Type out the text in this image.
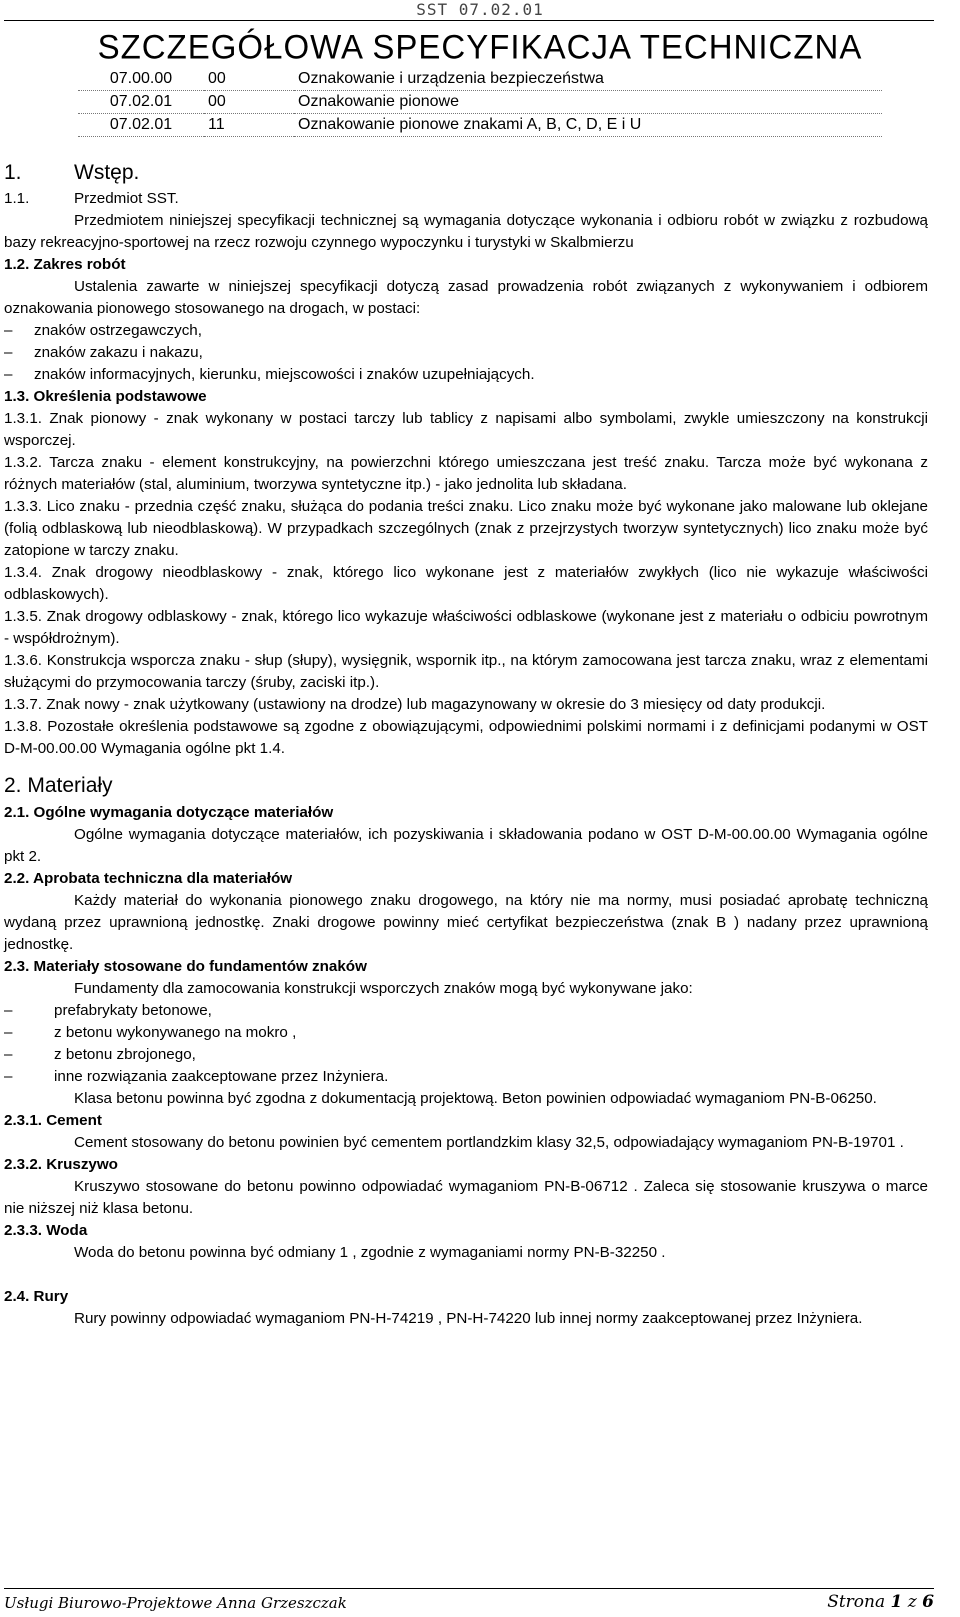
SST 07.02.01
SZCZEGÓŁOWA SPECYFIKACJA TECHNICZNA
07.00.00	00	Oznakowanie i urządzenia bezpieczeństwa
07.02.01	00	Oznakowanie pionowe
07.02.01	11	Oznakowanie pionowe znakami A, B, C, D, E i U

1. Wstęp.

1.1.	Przedmiot SST.

Przedmiotem niniejszej specyfikacji technicznej są wymagania dotyczące wykonania i odbioru robót w związku z rozbudową bazy rekreacyjno-sportowej na rzecz rozwoju czynnego wypoczynku i turystyki w Skalbmierzu

1.2. Zakres robót

Ustalenia zawarte w niniejszej specyfikacji dotyczą zasad prowadzenia robót związanych z wykonywaniem i odbiorem oznakowania pionowego stosowanego na drogach, w postaci:

– znaków ostrzegawczych,
– znaków zakazu i nakazu,
– znaków informacyjnych, kierunku, miejscowości i znaków uzupełniających.

1.3. Określenia podstawowe

1.3.1. Znak pionowy - znak wykonany w postaci tarczy lub tablicy z napisami albo symbolami, zwykle umieszczony na konstrukcji wsporczej.

1.3.2. Tarcza znaku - element konstrukcyjny, na powierzchni którego umieszczana jest treść znaku. Tarcza może być wykonana z różnych materiałów (stal, aluminium, tworzywa syntetyczne itp.) - jako jednolita lub składana.

1.3.3. Lico znaku - przednia część znaku, służąca do podania treści znaku. Lico znaku może być wykonane jako malowane lub oklejane (folią odblaskową lub nieodblaskową). W przypadkach szczególnych (znak z przejrzystych tworzyw syntetycznych) lico znaku może być zatopione w tarczy znaku.

1.3.4. Znak drogowy nieodblaskowy - znak, którego lico wykonane jest z materiałów zwykłych (lico nie wykazuje właściwości odblaskowych).

1.3.5. Znak drogowy odblaskowy - znak, którego lico wykazuje właściwości odblaskowe (wykonane jest z materiału o odbiciu powrotnym - współdrożnym).

1.3.6. Konstrukcja wsporcza znaku - słup (słupy), wysięgnik, wspornik itp., na którym zamocowana jest tarcza znaku, wraz z elementami służącymi do przymocowania tarczy (śruby, zaciski itp.).

1.3.7. Znak nowy - znak użytkowany (ustawiony na drodze) lub magazynowany w okresie do 3 miesięcy od daty produkcji.

1.3.8. Pozostałe określenia podstawowe są zgodne z obowiązującymi, odpowiednimi polskimi normami i z definicjami podanymi w OST D-M-00.00.00 Wymagania ogólne pkt 1.4.

2. Materiały

2.1. Ogólne wymagania dotyczące materiałów

Ogólne wymagania dotyczące materiałów, ich pozyskiwania i składowania podano w OST D-M-00.00.00 Wymagania ogólne pkt 2.

2.2. Aprobata techniczna dla materiałów

Każdy materiał do wykonania pionowego znaku drogowego, na który nie ma normy, musi posiadać aprobatę techniczną wydaną przez uprawnioną jednostkę. Znaki drogowe powinny mieć certyfikat bezpieczeństwa (znak B ) nadany przez uprawnioną jednostkę.

2.3. Materiały stosowane do fundamentów znaków

Fundamenty dla zamocowania konstrukcji wsporczych znaków mogą być wykonywane jako:

– prefabrykaty betonowe,
– z betonu wykonywanego na mokro ,
– z betonu zbrojonego,
– inne rozwiązania zaakceptowane przez Inżyniera.

Klasa betonu powinna być zgodna z dokumentacją projektową. Beton powinien odpowiadać wymaganiom PN-B-06250.

2.3.1. Cement

Cement stosowany do betonu powinien być cementem portlandzkim klasy 32,5, odpowiadający wymaganiom PN-B-19701 .

2.3.2. Kruszywo

Kruszywo stosowane do betonu powinno odpowiadać wymaganiom PN-B-06712 . Zaleca się stosowanie kruszywa o marce nie niższej niż klasa betonu.

2.3.3. Woda

Woda do betonu powinna być odmiany 1 , zgodnie z wymaganiami normy PN-B-32250 .

2.4. Rury

Rury powinny odpowiadać wymaganiom PN-H-74219 , PN-H-74220 lub innej normy zaakceptowanej przez Inżyniera.

Usługi Biurowo-Projektowe Anna Grzeszczak	Strona 1 z 6
